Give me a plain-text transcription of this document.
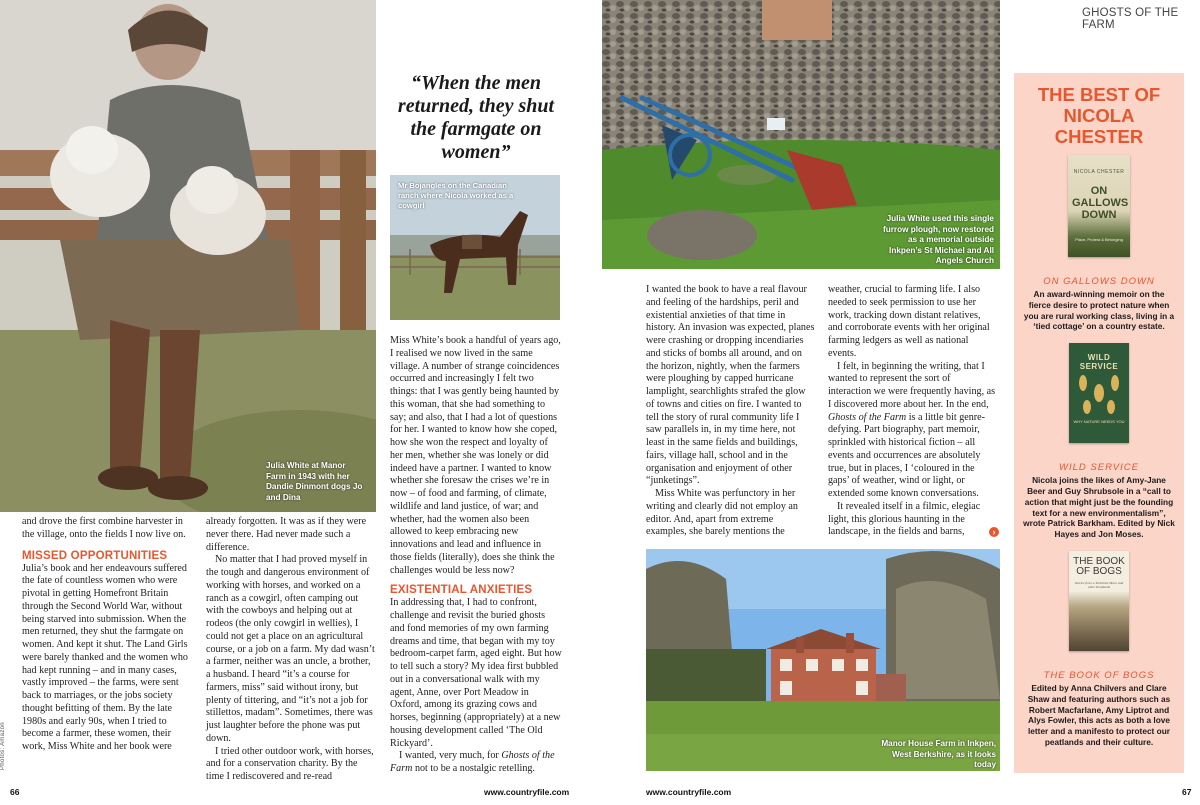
Julia White at Manor Farm in 1943 with her Dandie Dinmont dogs Jo and Dina
Photos: Amazon

and drove the first combine harvester in the village, onto the fields I now live on.

MISSED OPPORTUNITIES

Julia’s book and her endeavours suffered the fate of countless women who were pivotal in getting Homefront Britain through the Second World War, without being starved into submission. When the men returned, they shut the farmgate on women. And kept it shut. The Land Girls were barely thanked and the women who had kept running – and in many cases, vastly improved – the farms, were sent back to marriages, or the jobs society thought befitting of them. By the late 1980s and early 90s, when I tried to become a farmer, these women, their work, Miss White and her book were

already forgotten. It was as if they were never there. Had never made such a difference.

No matter that I had proved myself in the tough and dangerous environment of working with horses, and worked on a ranch as a cowgirl, often camping out with the cowboys and helping out at rodeos (the only cowgirl in wellies), I could not get a place on an agricultural course, or a job on a farm. My dad wasn’t a farmer, neither was an uncle, a brother, a husband. I heard “it’s a course for farmers, miss” said without irony, but plenty of tittering, and “it’s not a job for stillettos, madam”. Sometimes, there was just laughter before the phone was put down.

I tried other outdoor work, with horses, and for a conservation charity. By the time I rediscovered and re-read

“When the men returned, they shut the farmgate on women”
Mr Bojangles on the Canadian ranch where Nicola worked as a cowgirl

Miss White’s book a handful of years ago, I realised we now lived in the same village. A number of strange coincidences occurred and increasingly I felt two things: that I was gently being haunted by this woman, that she had something to say; and also, that I had a lot of questions for her. I wanted to know how she coped, how she won the respect and loyalty of her men, whether she was lonely or did indeed have a partner. I wanted to know whether she foresaw the crises we’re in now – of food and farming, of climate, wildlife and land justice, of war; and whether, had the women also been allowed to keep embracing new innovations and lead and influence in those fields (literally), does she think the challenges would be less now?

EXISTENTIAL ANXIETIES

In addressing that, I had to confront, challenge and revisit the buried ghosts and fond memories of my own farming dreams and time, that began with my toy bedroom-carpet farm, aged eight. But how to tell such a story? My idea first bubbled out in a conversational walk with my agent, Anne, over Port Meadow in Oxford, among its grazing cows and horses, beginning (appropriately) at a new housing development called ‘The Old Rickyard’.

I wanted, very much, for Ghosts of the Farm not to be a nostalgic retelling.

66	www.countryfile.com
Julia White used this single furrow plough, now restored as a memorial outside Inkpen’s St Michael and All Angels Church
GHOSTS OF THE FARM

I wanted the book to have a real flavour and feeling of the hardships, peril and existential anxieties of that time in history. An invasion was expected, planes were crashing or dropping incendiaries and sticks of bombs all around, and on the horizon, nightly, when the farmers were ploughing by capped hurricane lamplight, searchlights strafed the glow of towns and cities on fire. I wanted to tell the story of rural community life I saw parallels in, in my time here, not least in the same fields and buildings, fairs, village hall, school and in the organisation and enjoyment of other “junketings”.

Miss White was perfunctory in her writing and clearly did not employ an editor. And, apart from extreme examples, she barely mentions the

weather, crucial to farming life. I also needed to seek permission to use her work, tracking down distant relatives, and corroborate events with her original farming ledgers as well as national events.

I felt, in beginning the writing, that I wanted to represent the sort of interaction we were frequently having, as I discovered more about her. In the end, Ghosts of the Farm is a little bit genre-defying. Part biography, part memoir, sprinkled with historical fiction – all events and occurrences are absolutely true, but in places, I ‘coloured in the gaps’ of weather, wind or light, or extended some known conversations.

It revealed itself in a filmic, elegiac light, this glorious haunting in the landscape, in the fields and barns,	›
Manor House Farm in Inkpen, West Berkshire, as it looks today
www.countryfile.com	67
THE BEST OF NICOLA CHESTER
NICOLA CHESTER
ON GALLOWS DOWN
Place, Protest & Belonging
ON GALLOWS DOWN

An award-winning memoir on the fierce desire to protect nature when you are rural working class, living in a ‘tied cottage’ on a country estate.

WILD SERVICE
WHY NATURE NEEDS YOU
WILD SERVICE

Nicola joins the likes of Amy-Jane Beer and Guy Shrubsole in a “call to action that might just be the founding text for a new environmentalism”, wrote Patrick Barkham. Edited by Nick Hayes and Jon Moses.

THE BOOK OF BOGS
Stories from a Yorkshire Moor and other Peatlands
THE BOOK OF BOGS

Edited by Anna Chilvers and Clare Shaw and featuring authors such as Robert Macfarlane, Amy Liptrot and Alys Fowler, this acts as both a love letter and a manifesto to protect our peatlands and their culture.
